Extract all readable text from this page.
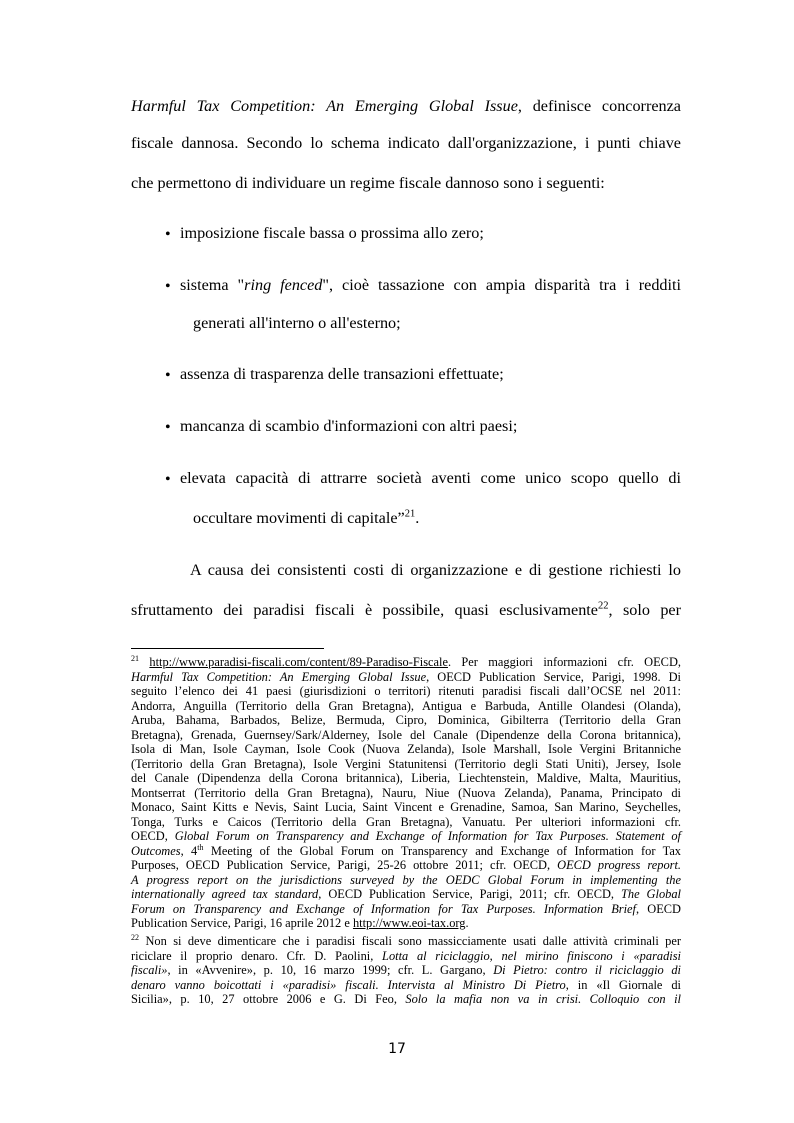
Harmful Tax Competition: An Emerging Global Issue, definisce concorrenza
fiscale dannosa. Secondo lo schema indicato dall'organizzazione, i punti chiave
che permettono di individuare un regime fiscale dannoso sono i seguenti:
• imposizione fiscale bassa o prossima allo zero;
• sistema "ring fenced", cioè tassazione con ampia disparità tra i redditi
generati all'interno o all'esterno;
• assenza di trasparenza delle transazioni effettuate;
• mancanza di scambio d'informazioni con altri paesi;
• elevata capacità di attrarre società aventi come unico scopo quello di
occultare movimenti di capitale”$^{21}$.
A causa dei consistenti costi di organizzazione e di gestione richiesti lo
sfruttamento dei paradisi fiscali è possibile, quasi esclusivamente$^{22}$, solo per
$^{21}$ http://www.paradisi-fiscali.com/content/89-Paradiso-Fiscale. Per maggiori informazioni cfr. OECD,
Harmful Tax Competition: An Emerging Global Issue, OECD Publication Service, Parigi, 1998. Di
seguito l’elenco dei 41 paesi (giurisdizioni o territori) ritenuti paradisi fiscali dall’OCSE nel 2011:
Andorra, Anguilla (Territorio della Gran Bretagna), Antigua e Barbuda, Antille Olandesi (Olanda),
Aruba, Bahama, Barbados, Belize, Bermuda, Cipro, Dominica, Gibilterra (Territorio della Gran
Bretagna), Grenada, Guernsey/Sark/Alderney, Isole del Canale (Dipendenze della Corona britannica),
Isola di Man, Isole Cayman, Isole Cook (Nuova Zelanda), Isole Marshall, Isole Vergini Britanniche
(Territorio della Gran Bretagna), Isole Vergini Statunitensi (Territorio degli Stati Uniti), Jersey, Isole
del Canale (Dipendenza della Corona britannica), Liberia, Liechtenstein, Maldive, Malta, Mauritius,
Montserrat (Territorio della Gran Bretagna), Nauru, Niue (Nuova Zelanda), Panama, Principato di
Monaco, Saint Kitts e Nevis, Saint Lucia, Saint Vincent e Grenadine, Samoa, San Marino, Seychelles,
Tonga, Turks e Caicos (Territorio della Gran Bretagna), Vanuatu. Per ulteriori informazioni cfr.
OECD, Global Forum on Transparency and Exchange of Information for Tax Purposes. Statement of
Outcomes, 4th Meeting of the Global Forum on Transparency and Exchange of Information for Tax
Purposes, OECD Publication Service, Parigi, 25-26 ottobre 2011; cfr. OECD, OECD progress report.
A progress report on the jurisdictions surveyed by the OEDC Global Forum in implementing the
internationally agreed tax standard, OECD Publication Service, Parigi, 2011; cfr. OECD, The Global
Forum on Transparency and Exchange of Information for Tax Purposes. Information Brief, OECD
Publication Service, Parigi, 16 aprile 2012 e http://www.eoi-tax.org.
$^{22}$ Non si deve dimenticare che i paradisi fiscali sono massicciamente usati dalle attività criminali per
riciclare il proprio denaro. Cfr. D. Paolini, Lotta al riciclaggio, nel mirino finiscono i «paradisi
fiscali», in «Avvenire», p. 10, 16 marzo 1999; cfr. L. Gargano, Di Pietro: contro il riciclaggio di
denaro vanno boicottati i «paradisi» fiscali. Intervista al Ministro Di Pietro, in «Il Giornale di
Sicilia», p. 10, 27 ottobre 2006 e G. Di Feo, Solo la mafia non va in crisi. Colloquio con il
17
